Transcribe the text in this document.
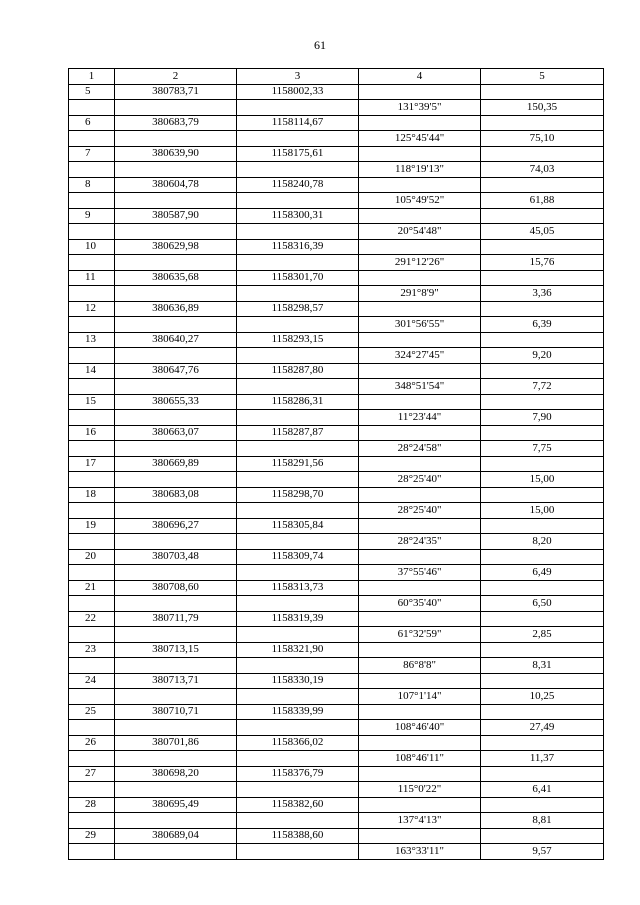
61
1	2	3	4	5
5	380783,71	1158002,33		
			131°39'5"	150,35
6	380683,79	1158114,67		
			125°45'44"	75,10
7	380639,90	1158175,61		
			118°19'13"	74,03
8	380604,78	1158240,78		
			105°49'52"	61,88
9	380587,90	1158300,31		
			20°54'48"	45,05
10	380629,98	1158316,39		
			291°12'26"	15,76
11	380635,68	1158301,70		
			291°8'9"	3,36
12	380636,89	1158298,57		
			301°56'55"	6,39
13	380640,27	1158293,15		
			324°27'45"	9,20
14	380647,76	1158287,80		
			348°51'54"	7,72
15	380655,33	1158286,31		
			11°23'44"	7,90
16	380663,07	1158287,87		
			28°24'58"	7,75
17	380669,89	1158291,56		
			28°25'40"	15,00
18	380683,08	1158298,70		
			28°25'40"	15,00
19	380696,27	1158305,84		
			28°24'35"	8,20
20	380703,48	1158309,74		
			37°55'46"	6,49
21	380708,60	1158313,73		
			60°35'40"	6,50
22	380711,79	1158319,39		
			61°32'59"	2,85
23	380713,15	1158321,90		
			86°8'8"	8,31
24	380713,71	1158330,19		
			107°1'14"	10,25
25	380710,71	1158339,99		
			108°46'40"	27,49
26	380701,86	1158366,02		
			108°46'11"	11,37
27	380698,20	1158376,79		
			115°0'22"	6,41
28	380695,49	1158382,60		
			137°4'13"	8,81
29	380689,04	1158388,60		
			163°33'11"	9,57
